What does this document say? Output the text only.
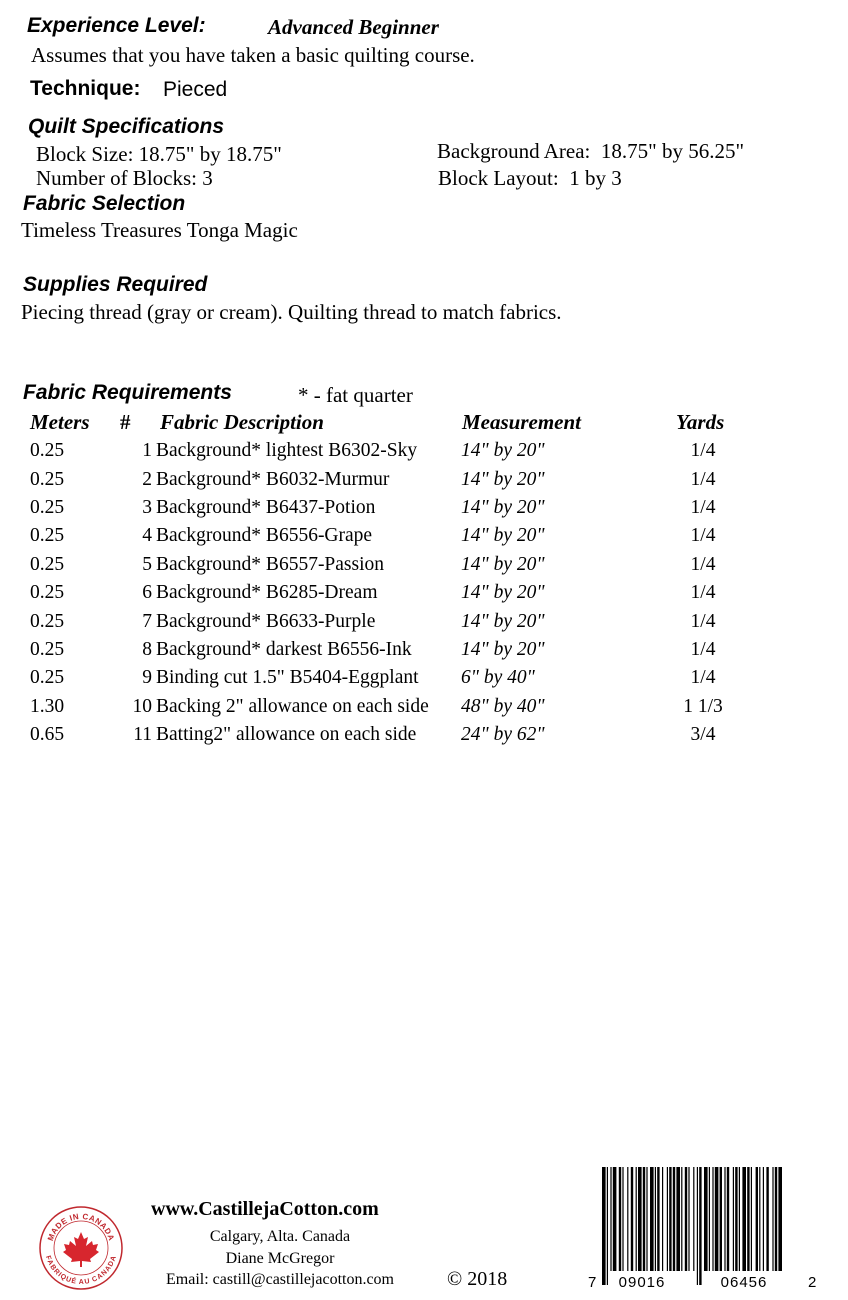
Experience Level:	Advanced Beginner
Assumes that you have taken a basic quilting course.
Technique: Pieced
Quilt Specifications
Block Size: 18.75" by 18.75"
Number of Blocks: 3
Background Area: 18.75" by 56.25"
Block Layout: 1 by 3
Fabric Selection
Timeless Treasures Tonga Magic
Supplies Required
Piecing thread (gray or cream). Quilting thread to match fabrics.
Fabric Requirements	* - fat quarter
Meters # Fabric Description	Measurement	Yards
0.25	1	Background* lightest B6302-Sky	14" by 20"	1/4
0.25	2	Background* B6032-Murmur	14" by 20"	1/4
0.25	3	Background* B6437-Potion	14" by 20"	1/4
0.25	4	Background* B6556-Grape	14" by 20"	1/4
0.25	5	Background* B6557-Passion	14" by 20"	1/4
0.25	6	Background* B6285-Dream	14" by 20"	1/4
0.25	7	Background* B6633-Purple	14" by 20"	1/4
0.25	8	Background* darkest B6556-Ink	14" by 20"	1/4
0.25	9	Binding cut 1.5" B5404-Eggplant	6" by 40"	1/4
1.30	10	Backing 2" allowance on each side	48" by 40"	1 1/3
0.65	11	Batting2" allowance on each side	24" by 62"	3/4
MADE IN CANADA
FABRIQUÉ AU CANADA
www.CastillejaCotton.com
Calgary, Alta. Canada
Diane McGregor
Email: castill@castillejacotton.com	© 2018	7 09016	06456	2
